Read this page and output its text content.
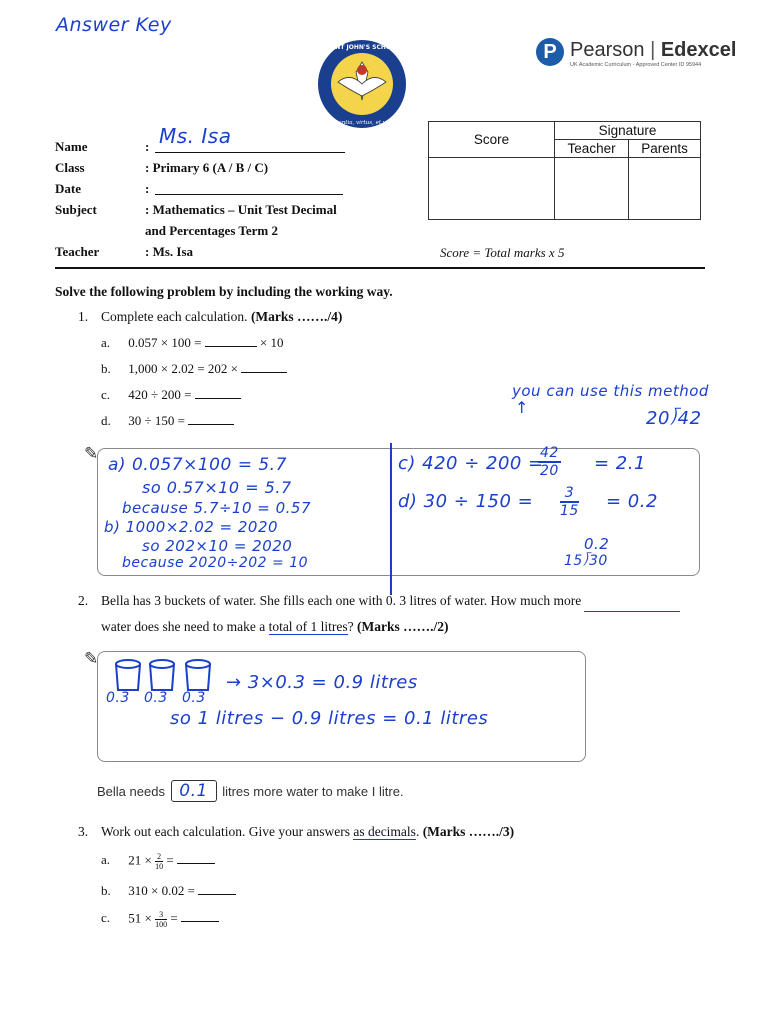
Answer Key
SAINT JOHN'S SCHOOL
scientia, virtus, et vita
P Pearson | Edexcel
UK Academic Curriculum - Approved Center ID 95944
Name	: Ms. Isa
Class	: Primary 6 (A / B / C)
Date	:
Subject	: Mathematics – Unit Test Decimal
and Percentages Term 2
Teacher	: Ms. Isa
Score	Signature	
	Teacher	Parents

Score = Total marks x 5
Solve the following problem by including the working way.
1. Complete each calculation. (Marks ……./4)
a. 0.057 × 100 =	× 10
b. 1,000 × 2.02 = 202 ×
c. 420 ÷ 200 =
d. 30 ÷ 150 =
you can use this method
↑
20⟌42
✎
a) 0.057×100 = 5.7
so 0.57×10 = 5.7
because 5.7÷10 = 0.57
b) 1000×2.02 = 2020
so 202×10 = 2020
because 2020÷202 = 10
c) 420 ÷ 200 =
42
20 = 2.1
d) 30 ÷ 150 =	3
15 = 0.2
0.2
15⟌30
2. Bella has 3 buckets of water. She fills each one with 0. 3 litres of water. How much more
water does she need to make a total of 1 litres? (Marks ……./2)
✎
0.3 0.3 0.3
→ 3×0.3 = 0.9 litres
so 1 litres − 0.9 litres = 0.1 litres
Bella needs 0.1 litres more water to make I litre.
3. Work out each calculation. Give your answers as decimals. (Marks ……./3)
a. $21 \times \frac{2}{10}$ =
b. 310 × 0.02 =
c. $51 \times \frac{3}{100}$ =
